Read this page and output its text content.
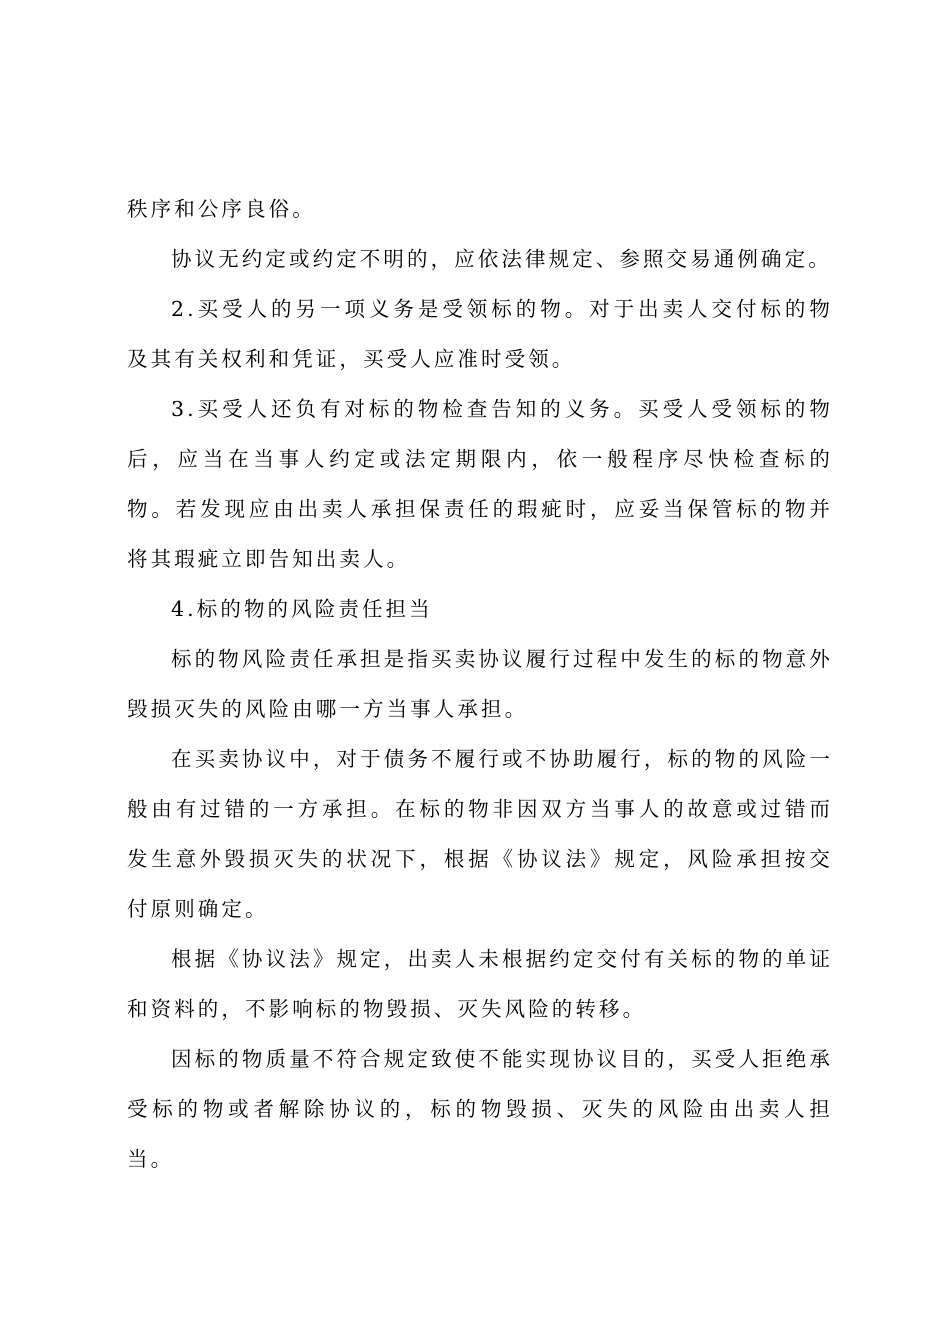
秩序和公序良俗。

协议无约定或约定不明的，应依法律规定、参照交易通例确定。

2.买受人的另一项义务是受领标的物。对于出卖人交付标的物及其有关权利和凭证，买受人应准时受领。

3.买受人还负有对标的物检查告知的义务。买受人受领标的物后，应当在当事人约定或法定期限内，依一般程序尽快检查标的物。若发现应由出卖人承担保责任的瑕疵时，应妥当保管标的物并将其瑕疵立即告知出卖人。

4.标的物的风险责任担当

标的物风险责任承担是指买卖协议履行过程中发生的标的物意外毁损灭失的风险由哪一方当事人承担。

在买卖协议中，对于债务不履行或不协助履行，标的物的风险一般由有过错的一方承担。在标的物非因双方当事人的故意或过错而发生意外毁损灭失的状况下，根据《协议法》规定，风险承担按交付原则确定。

根据《协议法》规定，出卖人未根据约定交付有关标的物的单证和资料的，不影响标的物毁损、灭失风险的转移。

因标的物质量不符合规定致使不能实现协议目的，买受人拒绝承受标的物或者解除协议的，标的物毁损、灭失的风险由出卖人担当。
